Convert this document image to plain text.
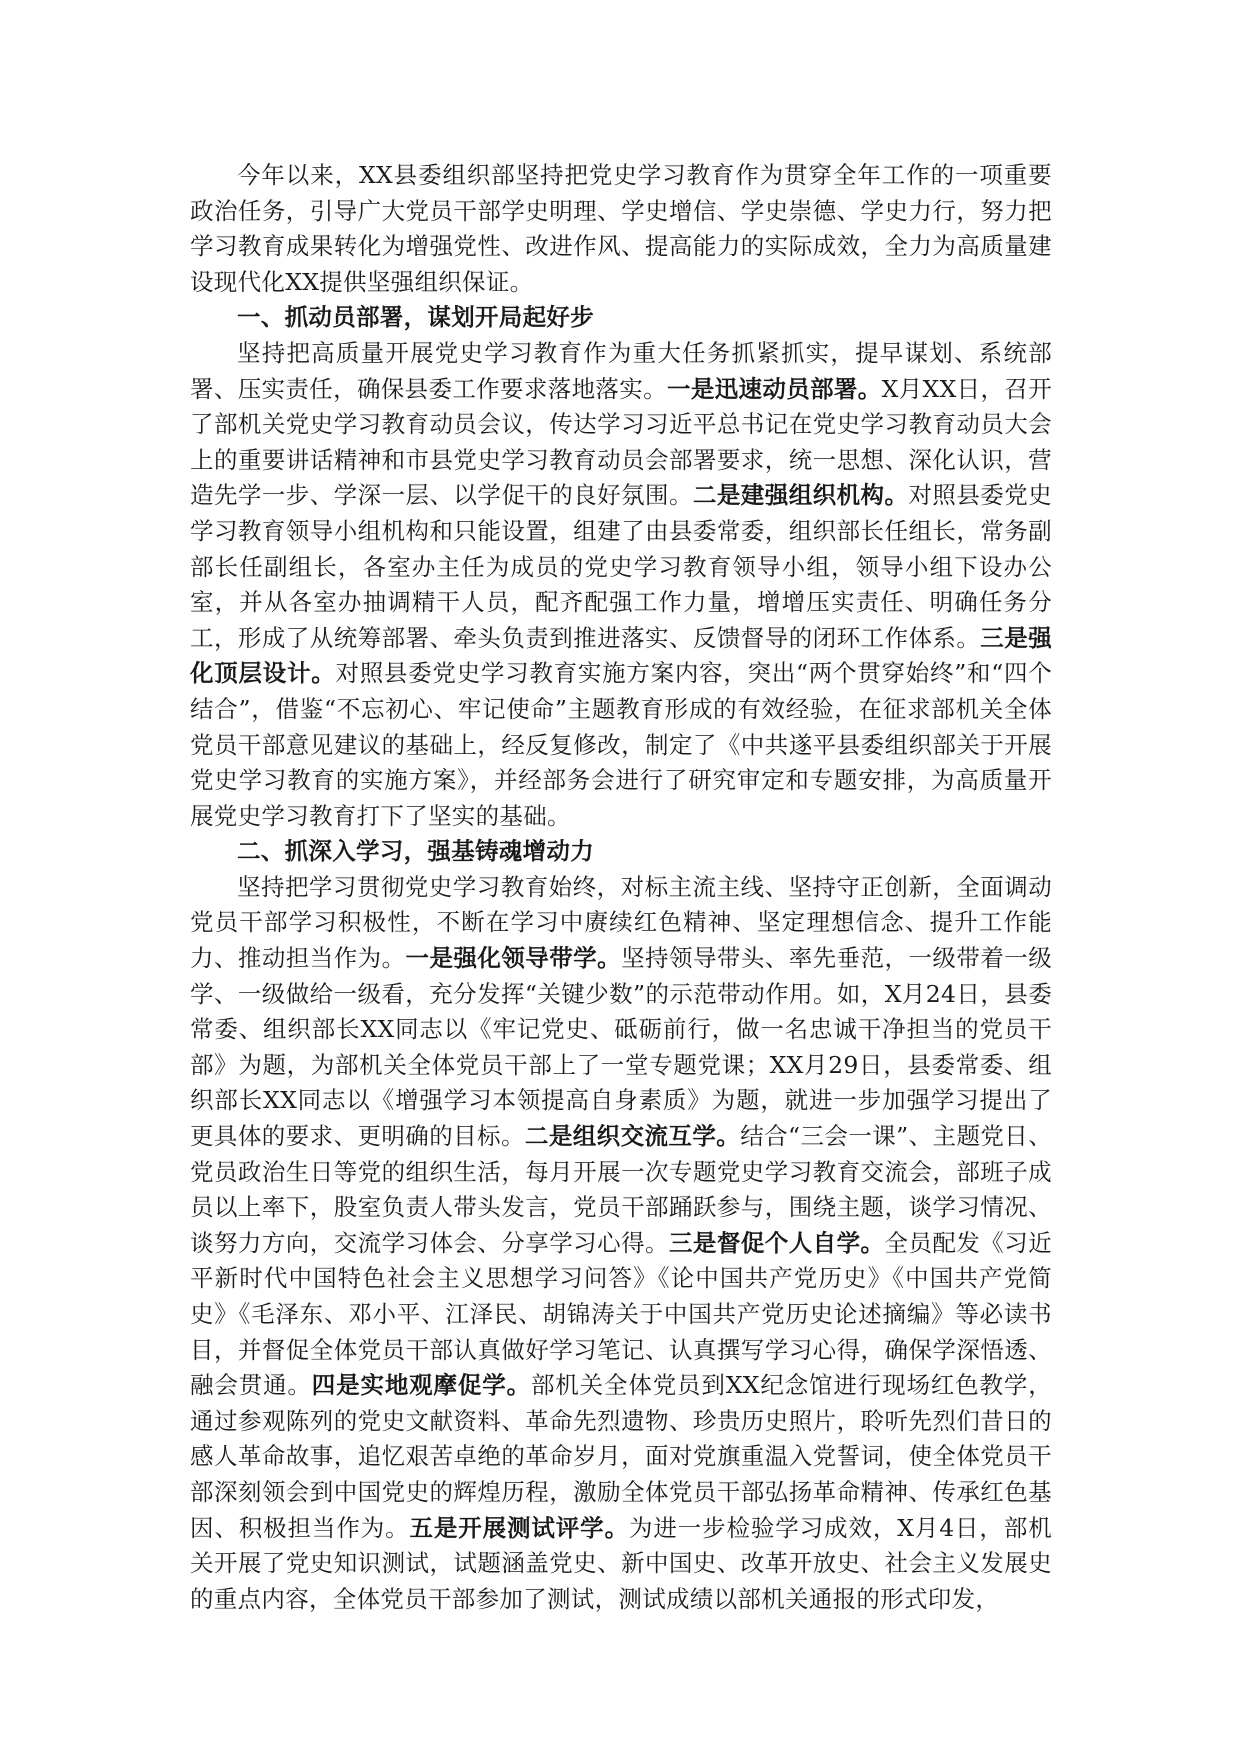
今年以来，XX县委组织部坚持把党史学习教育作为贯穿全年工作的一项重要政治任务，引导广大党员干部学史明理、学史增信、学史崇德、学史力行，努力把学习教育成果转化为增强党性、改进作风、提高能力的实际成效，全力为高质量建设现代化XX提供坚强组织保证。

一、抓动员部署，谋划开局起好步

坚持把高质量开展党史学习教育作为重大任务抓紧抓实，提早谋划、系统部署、压实责任，确保县委工作要求落地落实。一是迅速动员部署。X月XX日，召开了部机关党史学习教育动员会议，传达学习习近平总书记在党史学习教育动员大会上的重要讲话精神和市县党史学习教育动员会部署要求，统一思想、深化认识，营造先学一步、学深一层、以学促干的良好氛围。二是建强组织机构。对照县委党史学习教育领导小组机构和只能设置，组建了由县委常委，组织部长任组长，常务副部长任副组长，各室办主任为成员的党史学习教育领导小组，领导小组下设办公室，并从各室办抽调精干人员，配齐配强工作力量，增增压实责任、明确任务分工，形成了从统筹部署、牵头负责到推进落实、反馈督导的闭环工作体系。三是强化顶层设计。对照县委党史学习教育实施方案内容，突出“两个贯穿始终”和“四个结合”，借鉴“不忘初心、牢记使命”主题教育形成的有效经验，在征求部机关全体党员干部意见建议的基础上，经反复修改，制定了《中共遂平县委组织部关于开展党史学习教育的实施方案》，并经部务会进行了研究审定和专题安排，为高质量开展党史学习教育打下了坚实的基础。

二、抓深入学习，强基铸魂增动力

坚持把学习贯彻党史学习教育始终，对标主流主线、坚持守正创新，全面调动党员干部学习积极性，不断在学习中赓续红色精神、坚定理想信念、提升工作能力、推动担当作为。一是强化领导带学。坚持领导带头、率先垂范，一级带着一级学、一级做给一级看，充分发挥“关键少数”的示范带动作用。如，X月24日，县委常委、组织部长XX同志以《牢记党史、砥砺前行，做一名忠诚干净担当的党员干部》为题，为部机关全体党员干部上了一堂专题党课；XX月29日，县委常委、组织部长XX同志以《增强学习本领提高自身素质》为题，就进一步加强学习提出了更具体的要求、更明确的目标。二是组织交流互学。结合“三会一课”、主题党日、党员政治生日等党的组织生活，每月开展一次专题党史学习教育交流会，部班子成员以上率下，股室负责人带头发言，党员干部踊跃参与，围绕主题，谈学习情况、谈努力方向，交流学习体会、分享学习心得。三是督促个人自学。全员配发《习近平新时代中国特色社会主义思想学习问答》《论中国共产党历史》《中国共产党简史》《毛泽东、邓小平、江泽民、胡锦涛关于中国共产党历史论述摘编》等必读书目，并督促全体党员干部认真做好学习笔记、认真撰写学习心得，确保学深悟透、融会贯通。四是实地观摩促学。部机关全体党员到XX纪念馆进行现场红色教学，通过参观陈列的党史文献资料、革命先烈遗物、珍贵历史照片，聆听先烈们昔日的感人革命故事，追忆艰苦卓绝的革命岁月，面对党旗重温入党誓词，使全体党员干部深刻领会到中国党史的辉煌历程，激励全体党员干部弘扬革命精神、传承红色基因、积极担当作为。五是开展测试评学。为进一步检验学习成效，X月4日，部机关开展了党史知识测试，试题涵盖党史、新中国史、改革开放史、社会主义发展史的重点内容，全体党员干部参加了测试，测试成绩以部机关通报的形式印发，
